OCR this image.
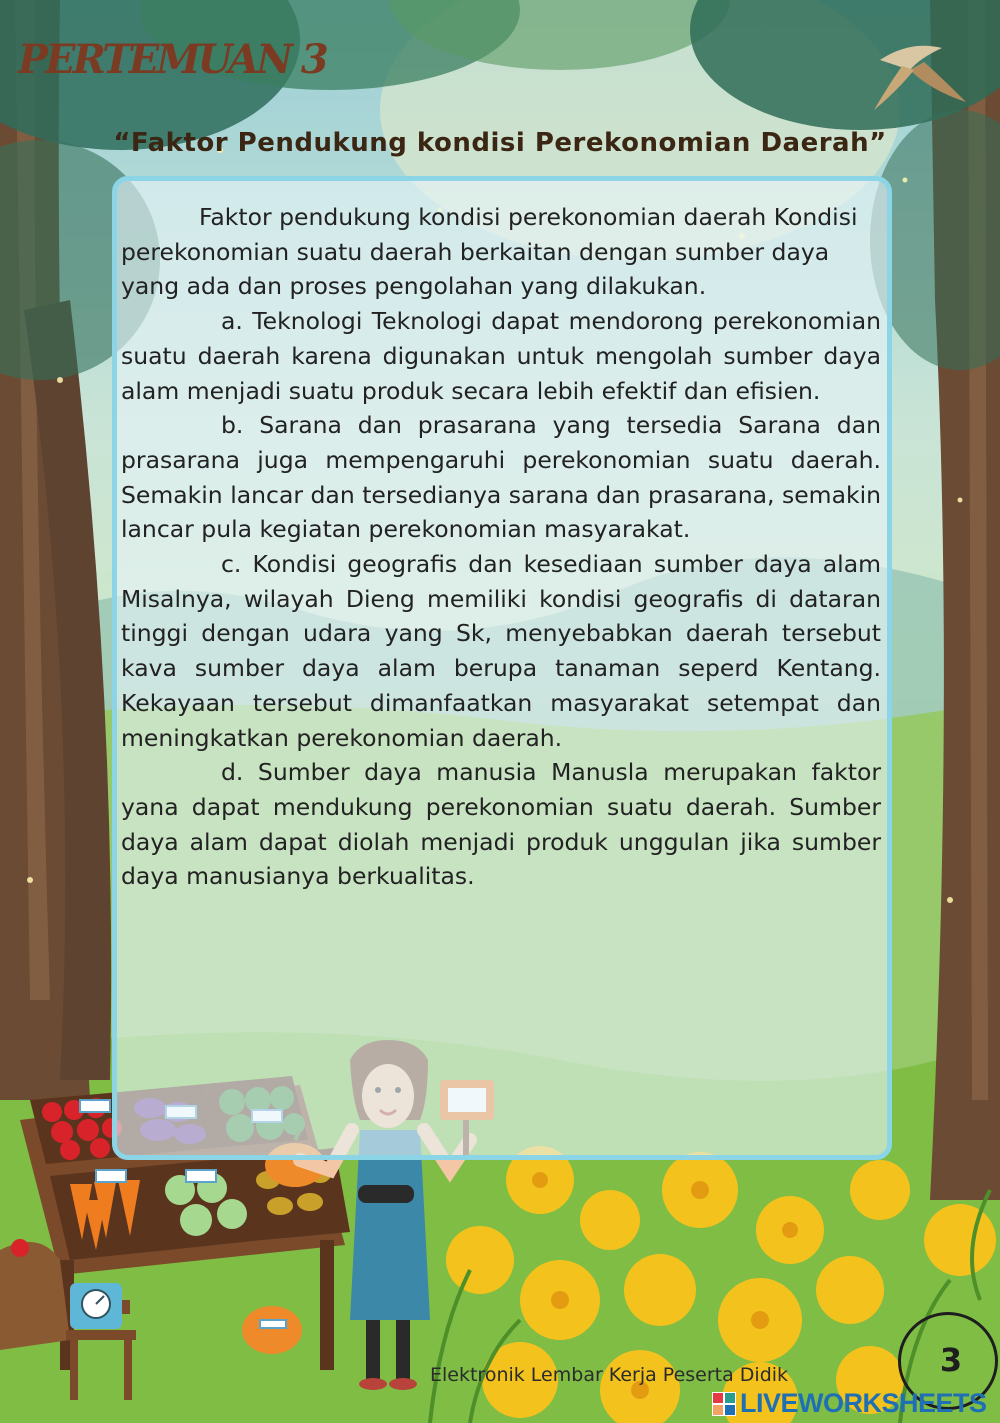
PERTEMUAN 3
“Faktor Pendukung kondisi Perekonomian Daerah”

Faktor pendukung kondisi perekonomian daerah Kondisi perekonomian suatu daerah berkaitan dengan sumber daya yang ada dan proses pengolahan yang dilakukan.

a. Teknologi Teknologi dapat mendorong perekonomian suatu daerah karena digunakan untuk mengolah sumber daya alam menjadi suatu produk secara lebih efektif dan efisien.

b. Sarana dan prasarana yang tersedia Sarana dan prasarana juga mempengaruhi perekonomian suatu daerah. Semakin lancar dan tersedianya sarana dan prasarana, semakin lancar pula kegiatan perekonomian masyarakat.

c. Kondisi geografis dan kesediaan sumber daya alam Misalnya, wilayah Dieng memiliki kondisi geografis di dataran tinggi dengan udara yang Sk, menyebabkan daerah tersebut kava sumber daya alam berupa tanaman seperd Kentang. Kekayaan tersebut dimanfaatkan masyarakat setempat dan meningkatkan perekonomian daerah.

d. Sumber daya manusia Manusla merupakan faktor yana dapat mendukung perekonomian suatu daerah. Sumber daya alam dapat diolah menjadi produk unggulan jika sumber daya manusianya berkualitas.

Elektronik Lembar Kerja Peserta Didik	3
LIVEWORKSHEETS
